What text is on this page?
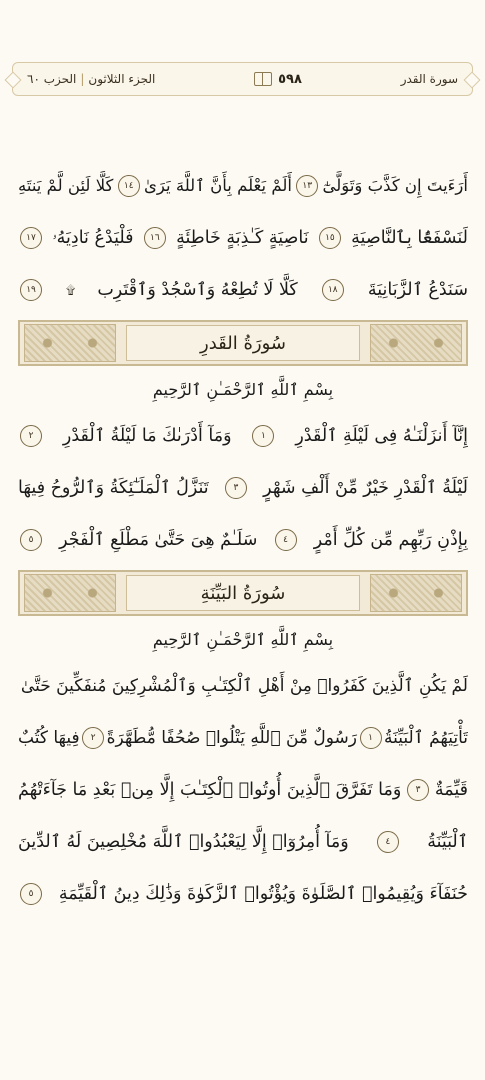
الجزء الثلاثون|الحزب ٦٠	٥٩٨	سورة القدر
أَرَءَيتَ إِن كَذَّبَ وَتَوَلَّىٰٓ
١٣
أَلَمْ يَعْلَم بِأَنَّ ٱللَّهَ يَرَىٰ
١٤
كَلَّا لَئِن لَّمْ يَنتَهِ
لَنَسْفَعًۢا بِٱلنَّاصِيَةِ
١٥
نَاصِيَةٍ كَـٰذِبَةٍ خَاطِئَةٍ
١٦
فَلْيَدْعُ نَادِيَهُۥ
١٧
سَنَدْعُ ٱلزَّبَانِيَةَ
١٨
كَلَّا لَا تُطِعْهُ وَٱسْجُدْ وَٱقْتَرِب
۩
١٩
سُورَةُ القَدرِ
بِسْمِ ٱللَّهِ ٱلرَّحْمَـٰنِ ٱلرَّحِيمِ
إِنَّآ أَنزَلْنَـٰهُ فِى لَيْلَةِ ٱلْقَدْرِ
١
وَمَآ أَدْرَىٰكَ مَا لَيْلَةُ ٱلْقَدْرِ
٢
لَيْلَةُ ٱلْقَدْرِ خَيْرٌ مِّنْ أَلْفِ شَهْرٍ
٣
تَنَزَّلُ ٱلْمَلَـٰٓئِكَةُ وَٱلرُّوحُ فِيهَا
بِإِذْنِ رَبِّهِم مِّن كُلِّ أَمْرٍ
٤
سَلَـٰمٌ هِىَ حَتَّىٰ مَطْلَعِ ٱلْفَجْرِ
٥
سُورَةُ البَيِّنَةِ
بِسْمِ ٱللَّهِ ٱلرَّحْمَـٰنِ ٱلرَّحِيمِ
لَمْ يَكُنِ ٱلَّذِينَ كَفَرُوا۟ مِنْ أَهْلِ ٱلْكِتَـٰبِ وَٱلْمُشْرِكِينَ مُنفَكِّينَ حَتَّىٰ
تَأْتِيَهُمُ ٱلْبَيِّنَةُ
١
رَسُولٌ مِّنَ ٱللَّهِ يَتْلُوا۟ صُحُفًا مُّطَهَّرَةً
٢
فِيهَا كُتُبٌ
قَيِّمَةٌ
٣
وَمَا تَفَرَّقَ ٱلَّذِينَ أُوتُوا۟ ٱلْكِتَـٰبَ إِلَّا مِنۢ بَعْدِ مَا جَآءَتْهُمُ
ٱلْبَيِّنَةُ
٤
وَمَآ أُمِرُوٓا۟ إِلَّا لِيَعْبُدُوا۟ ٱللَّهَ مُخْلِصِينَ لَهُ ٱلدِّينَ
حُنَفَآءَ وَيُقِيمُوا۟ ٱلصَّلَوٰةَ وَيُؤْتُوا۟ ٱلزَّكَوٰةَ وَذَٰلِكَ دِينُ ٱلْقَيِّمَةِ
٥
